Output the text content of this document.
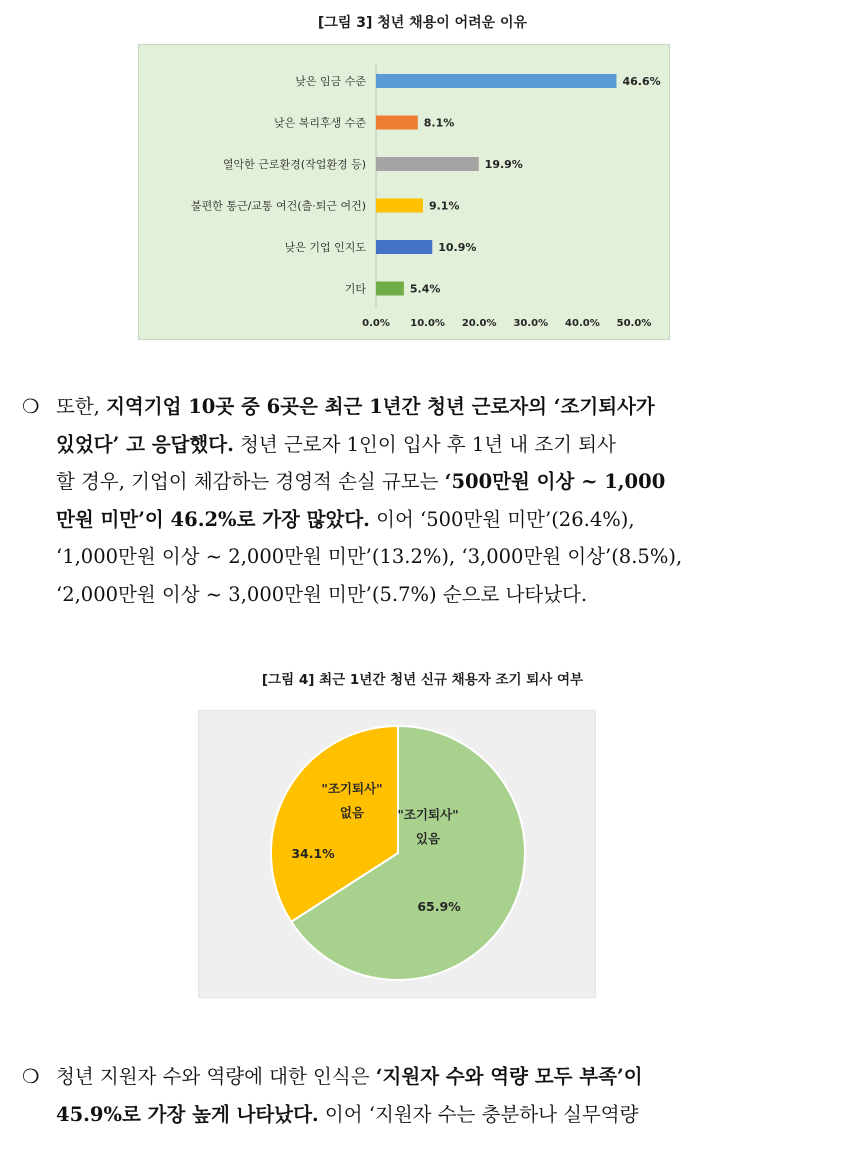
[그림 3] 청년 채용이 어려운 이유
낮은 임금 수준	46.6%
낮은 복리후생 수준	8.1%
열악한 근로환경(작업환경 등)	19.9%
불편한 통근/교통 여건(출·퇴근 여건)	9.1%
낮은 기업 인지도	10.9%
기타	5.4%
0.0% 10.0% 20.0% 30.0% 40.0% 50.0%
❍ 또한, 지역기업 10곳 중 6곳은 최근 1년간 청년 근로자의 ‘조기퇴사가
있었다’ 고 응답했다. 청년 근로자 1인이 입사 후 1년 내 조기 퇴사
할 경우, 기업이 체감하는 경영적 손실 규모는 ‘500만원 이상 ~ 1,000
만원 미만’이 46.2%로 가장 많았다. 이어 ‘500만원 미만’(26.4%),
‘1,000만원 이상 ~ 2,000만원 미만’(13.2%), ‘3,000만원 이상’(8.5%),
‘2,000만원 이상 ~ 3,000만원 미만’(5.7%) 순으로 나타났다.
[그림 4] 최근 1년간 청년 신규 채용자 조기 퇴사 여부
"조기퇴사"
있음
65.9%
"조기퇴사"
없음
34.1%
❍ 청년 지원자 수와 역량에 대한 인식은 ‘지원자 수와 역량 모두 부족’이
45.9%로 가장 높게 나타났다. 이어 ‘지원자 수는 충분하나 실무역량
